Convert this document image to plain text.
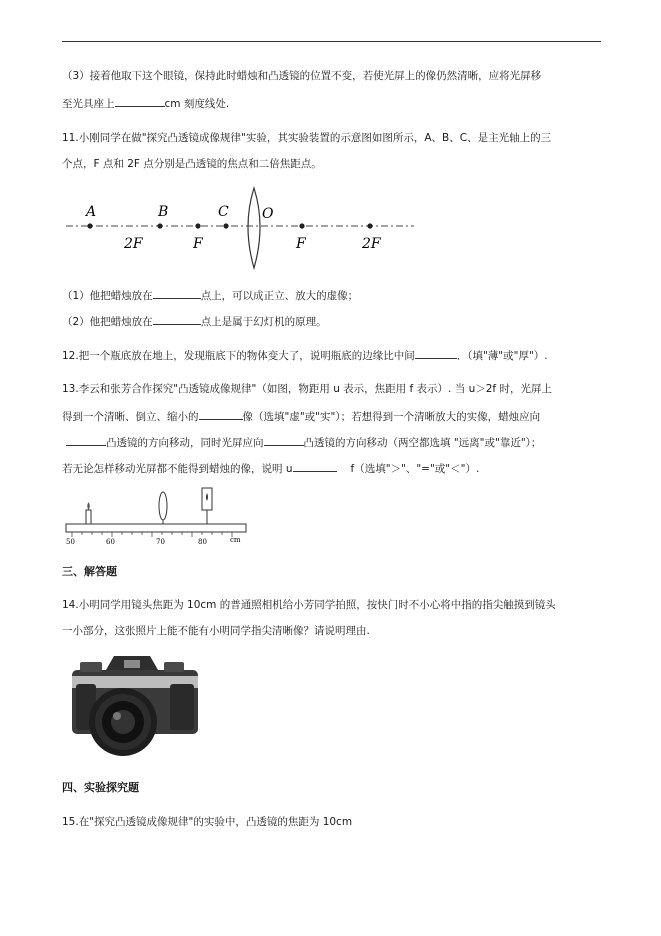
（3）接着他取下这个眼镜，保持此时蜡烛和凸透镜的位置不变，若使光屏上的像仍然清晰，应将光屏移
至光具座上	cm 刻度线处.
11.小刚同学在做"探究凸透镜成像规律"实验，其实验装置的示意图如图所示，A、B、C、是主光轴上的三
个点，F 点和 2F 点分别是凸透镜的焦点和二倍焦距点。
A	B	C O
2F	F	F	2F
（1）他把蜡烛放在	点上，可以成正立、放大的虚像；
（2）他把蜡烛放在	点上是属于幻灯机的原理。
12.把一个瓶底放在地上，发现瓶底下的物体变大了，说明瓶底的边缘比中间	．（填"薄"或"厚"）.
13.李云和张芳合作探究"凸透镜成像规律"（如图，物距用 u 表示，焦距用 f 表示）. 当 u＞2f 时，光屏上
得到一个清晰、倒立、缩小的	像（选填"虚"或"实"）；若想得到一个清晰放大的实像，蜡烛应向
凸透镜的方向移动，同时光屏应向	凸透镜的方向移动（两空都选填 "远离"或"靠近"）；
若无论怎样移动光屏都不能得到蜡烛的像，说明 u	f（选填"＞"、"="或"＜"）.
50	60	70	80	cm
三、解答题
14.小明同学用镜头焦距为 10cm 的普通照相机给小芳同学拍照，按快门时不小心将中指的指尖触摸到镜头
一小部分，这张照片上能不能有小明同学指尖清晰像？请说明理由.
四、实验探究题
15.在"探究凸透镜成像规律"的实验中，凸透镜的焦距为 10cm
